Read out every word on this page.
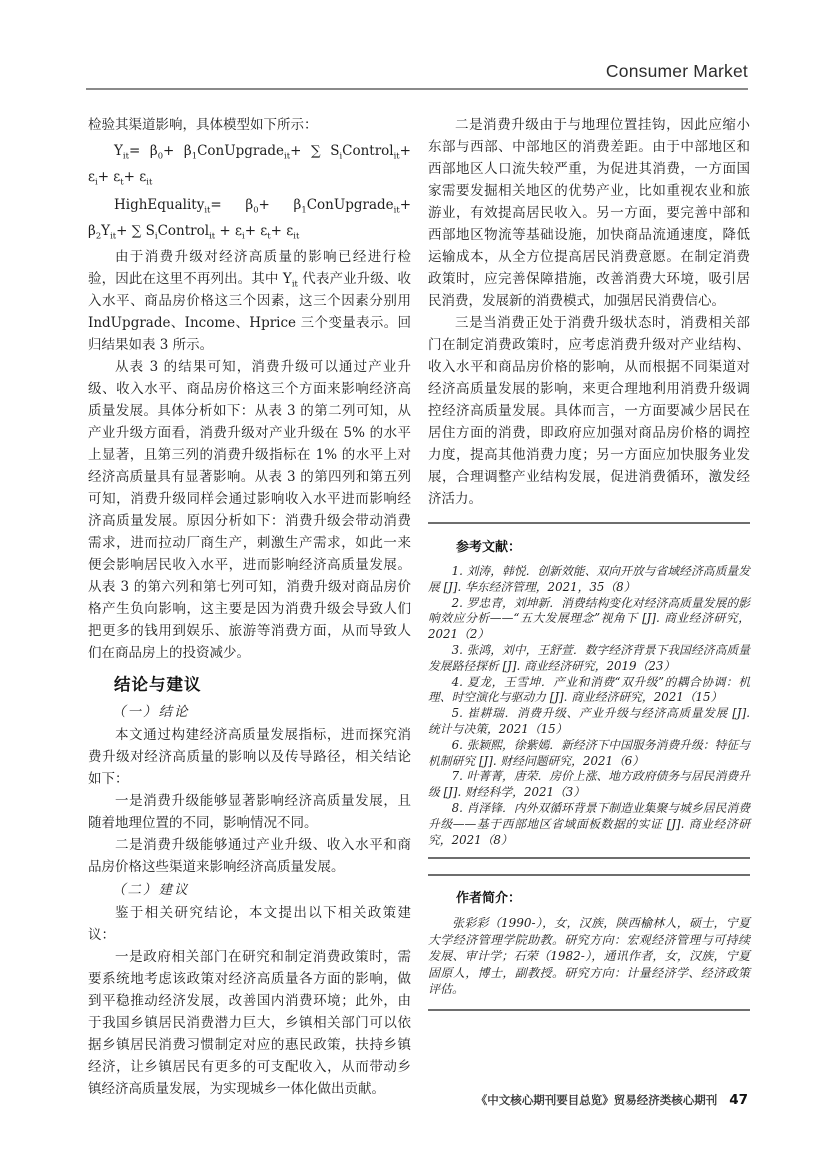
Consumer Market

检验其渠道影响，具体模型如下所示：

$Y_{it}= \beta_0+$ $\beta_1ConUpgrade_{it}+$ ∑ $S_iControl_{it}+ \varepsilon_i+ \varepsilon_t+ \varepsilon_{it}$

HighEquality$_{it}$= $\beta_0+$ $\beta_1ConUpgrade_{it}+ \beta_2Y_{it}+$ ∑ $S_iControl_{it} + \varepsilon_i+ \varepsilon_t+ \varepsilon_{it}$

由于消费升级对经济高质量的影响已经进行检验，因此在这里不再列出。其中 $Y_{it}$ 代表产业升级、收入水平、商品房价格这三个因素，这三个因素分别用 IndUpgrade、Income、Hprice 三个变量表示。回归结果如表 3 所示。

从表 3 的结果可知，消费升级可以通过产业升级、收入水平、商品房价格这三个方面来影响经济高质量发展。具体分析如下：从表 3 的第二列可知，从产业升级方面看，消费升级对产业升级在 5% 的水平上显著，且第三列的消费升级指标在 1% 的水平上对经济高质量具有显著影响。从表 3 的第四列和第五列可知，消费升级同样会通过影响收入水平进而影响经济高质量发展。原因分析如下：消费升级会带动消费需求，进而拉动厂商生产，刺激生产需求，如此一来便会影响居民收入水平，进而影响经济高质量发展。从表 3 的第六列和第七列可知，消费升级对商品房价格产生负向影响，这主要是因为消费升级会导致人们把更多的钱用到娱乐、旅游等消费方面，从而导致人们在商品房上的投资减少。

结论与建议

（一）结论

本文通过构建经济高质量发展指标，进而探究消费升级对经济高质量的影响以及传导路径，相关结论如下：

一是消费升级能够显著影响经济高质量发展，且随着地理位置的不同，影响情况不同。

二是消费升级能够通过产业升级、收入水平和商品房价格这些渠道来影响经济高质量发展。

（二）建议

鉴于相关研究结论，本文提出以下相关政策建议：

一是政府相关部门在研究和制定消费政策时，需要系统地考虑该政策对经济高质量各方面的影响，做到平稳推动经济发展，改善国内消费环境；此外，由于我国乡镇居民消费潜力巨大，乡镇相关部门可以依据乡镇居民消费习惯制定对应的惠民政策，扶持乡镇经济，让乡镇居民有更多的可支配收入，从而带动乡镇经济高质量发展，为实现城乡一体化做出贡献。

二是消费升级由于与地理位置挂钩，因此应缩小东部与西部、中部地区的消费差距。由于中部地区和西部地区人口流失较严重，为促进其消费，一方面国家需要发掘相关地区的优势产业，比如重视农业和旅游业，有效提高居民收入。另一方面，要完善中部和西部地区物流等基础设施，加快商品流通速度，降低运输成本，从全方位提高居民消费意愿。在制定消费政策时，应完善保障措施，改善消费大环境，吸引居民消费，发展新的消费模式，加强居民消费信心。

三是当消费正处于消费升级状态时，消费相关部门在制定消费政策时，应考虑消费升级对产业结构、收入水平和商品房价格的影响，从而根据不同渠道对经济高质量发展的影响，来更合理地利用消费升级调控经济高质量发展。具体而言，一方面要减少居民在居住方面的消费，即政府应加强对商品房价格的调控力度，提高其他消费力度；另一方面应加快服务业发展，合理调整产业结构发展，促进消费循环，激发经济活力。

参考文献：

1. 刘涛，韩悦．创新效能、双向开放与省域经济高质量发展 [J]. 华东经济管理，2021，35（8）

2. 罗忠青，刘坤新．消费结构变化对经济高质量发展的影响效应分析——“五大发展理念”视角下 [J]. 商业经济研究，2021（2）

3. 张鸿，刘中，王舒萱．数字经济背景下我国经济高质量发展路径探析 [J]. 商业经济研究，2019（23）

4. 夏龙，王雪坤．产业和消费“双升级”的耦合协调：机理、时空演化与驱动力 [J]. 商业经济研究，2021（15）

5. 崔耕瑞．消费升级、产业升级与经济高质量发展 [J]. 统计与决策，2021（15）

6. 张颖熙，徐紫嫣．新经济下中国服务消费升级：特征与机制研究 [J]. 财经问题研究，2021（6）

7. 叶菁菁，唐荣．房价上涨、地方政府债务与居民消费升级 [J]. 财经科学，2021（3）

8. 肖泽锋．内外双循环背景下制造业集聚与城乡居民消费升级——基于西部地区省域面板数据的实证 [J]. 商业经济研究，2021（8）

作者简介：

张彩彩（1990-），女，汉族，陕西榆林人，硕士，宁夏大学经济管理学院助教。研究方向：宏观经济管理与可持续发展、审计学；石荣（1982-），通讯作者，女，汉族，宁夏固原人，博士，副教授。研究方向：计量经济学、经济政策评估。

《中文核心期刊要目总览》贸易经济类核心期刊 47
